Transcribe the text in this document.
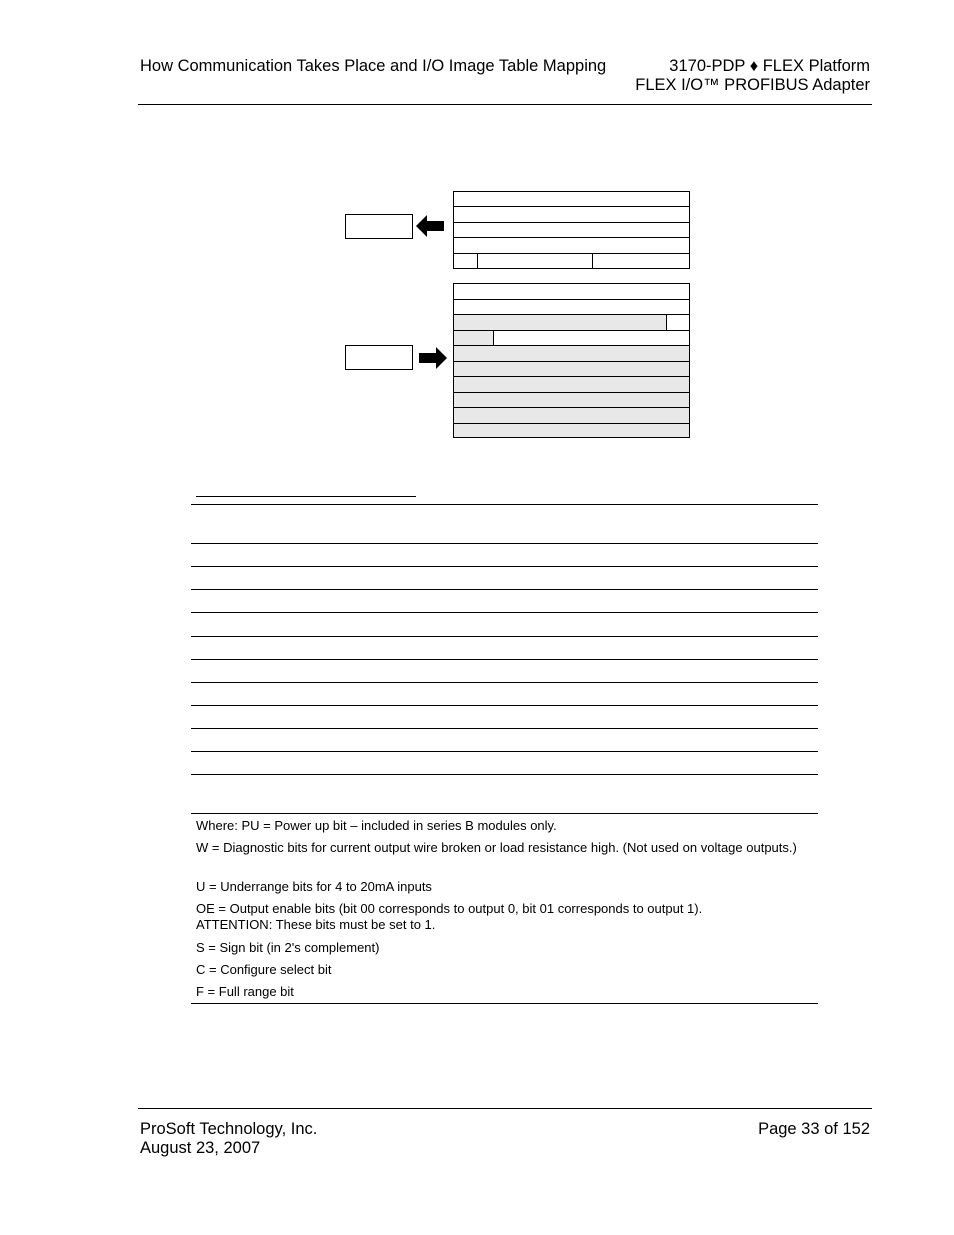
How Communication Takes Place and I/O Image Table Mapping	3170-PDP ♦ FLEX Platform
FLEX I/O™ PROFIBUS Adapter
Where: PU = Power up bit – included in series B modules only.
W = Diagnostic bits for current output wire broken or load resistance high. (Not used on voltage outputs.)
U = Underrange bits for 4 to 20mA inputs
OE = Output enable bits (bit 00 corresponds to output 0, bit 01 corresponds to output 1). ATTENTION: These bits must be set to 1.
S = Sign bit (in 2's complement)
C = Configure select bit
F = Full range bit
ProSoft Technology, Inc.
August 23, 2007
Page 33 of 152
